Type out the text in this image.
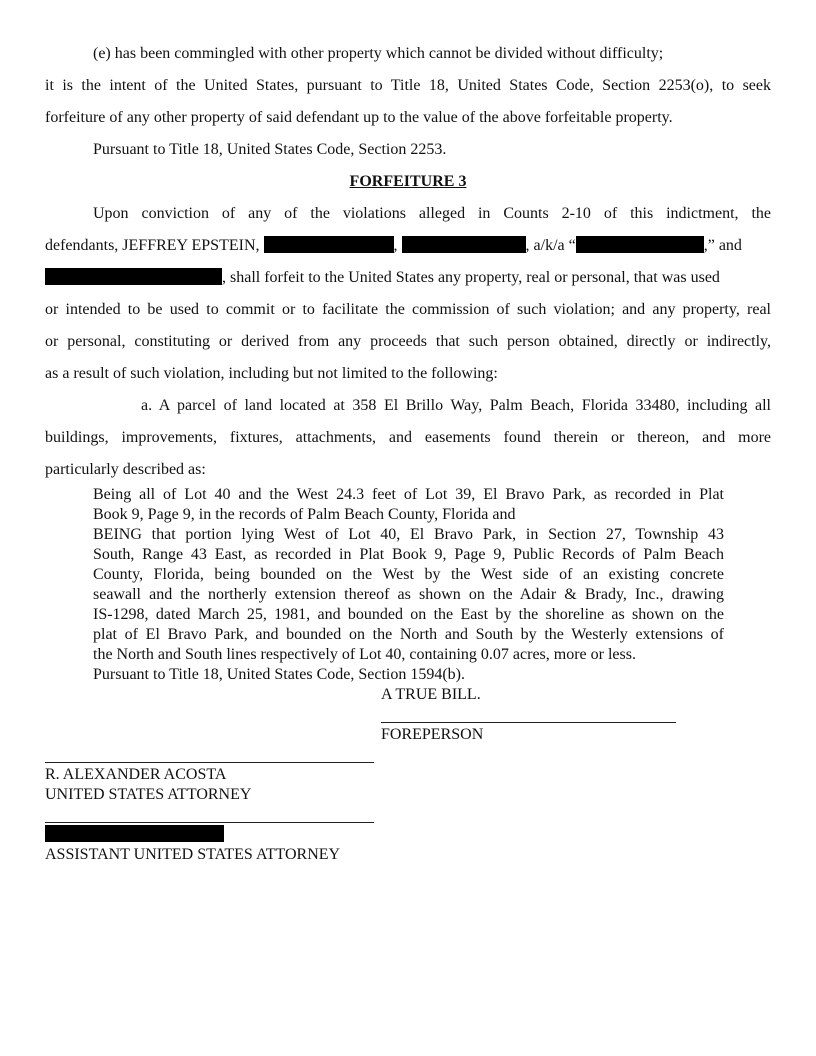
(e) has been commingled with other property which cannot be divided without difficulty;
it is the intent of the United States, pursuant to Title 18, United States Code, Section 2253(o), to seek
forfeiture of any other property of said defendant up to the value of the above forfeitable property.
Pursuant to Title 18, United States Code, Section 2253.
FORFEITURE 3
Upon conviction of any of the violations alleged in Counts 2-10 of this indictment, the
defendants, JEFFREY EPSTEIN,	,	, a/k/a “	,” and
, shall forfeit to the United States any property, real or personal, that was used
or intended to be used to commit or to facilitate the commission of such violation; and any property, real
or personal, constituting or derived from any proceeds that such person obtained, directly or indirectly,
as a result of such violation, including but not limited to the following:
a. A parcel of land located at 358 El Brillo Way, Palm Beach, Florida 33480, including all
buildings, improvements, fixtures, attachments, and easements found therein or thereon, and more
particularly described as:
Being all of Lot 40 and the West 24.3 feet of Lot 39, El Bravo Park, as recorded in Plat
Book 9, Page 9, in the records of Palm Beach County, Florida and
BEING that portion lying West of Lot 40, El Bravo Park, in Section 27, Township 43
South, Range 43 East, as recorded in Plat Book 9, Page 9, Public Records of Palm Beach
County, Florida, being bounded on the West by the West side of an existing concrete
seawall and the northerly extension thereof as shown on the Adair & Brady, Inc., drawing
IS-1298, dated March 25, 1981, and bounded on the East by the shoreline as shown on the
plat of El Bravo Park, and bounded on the North and South by the Westerly extensions of
the North and South lines respectively of Lot 40, containing 0.07 acres, more or less.
Pursuant to Title 18, United States Code, Section 1594(b).
A TRUE BILL.
FOREPERSON
R. ALEXANDER ACOSTA
UNITED STATES ATTORNEY
ASSISTANT UNITED STATES ATTORNEY
